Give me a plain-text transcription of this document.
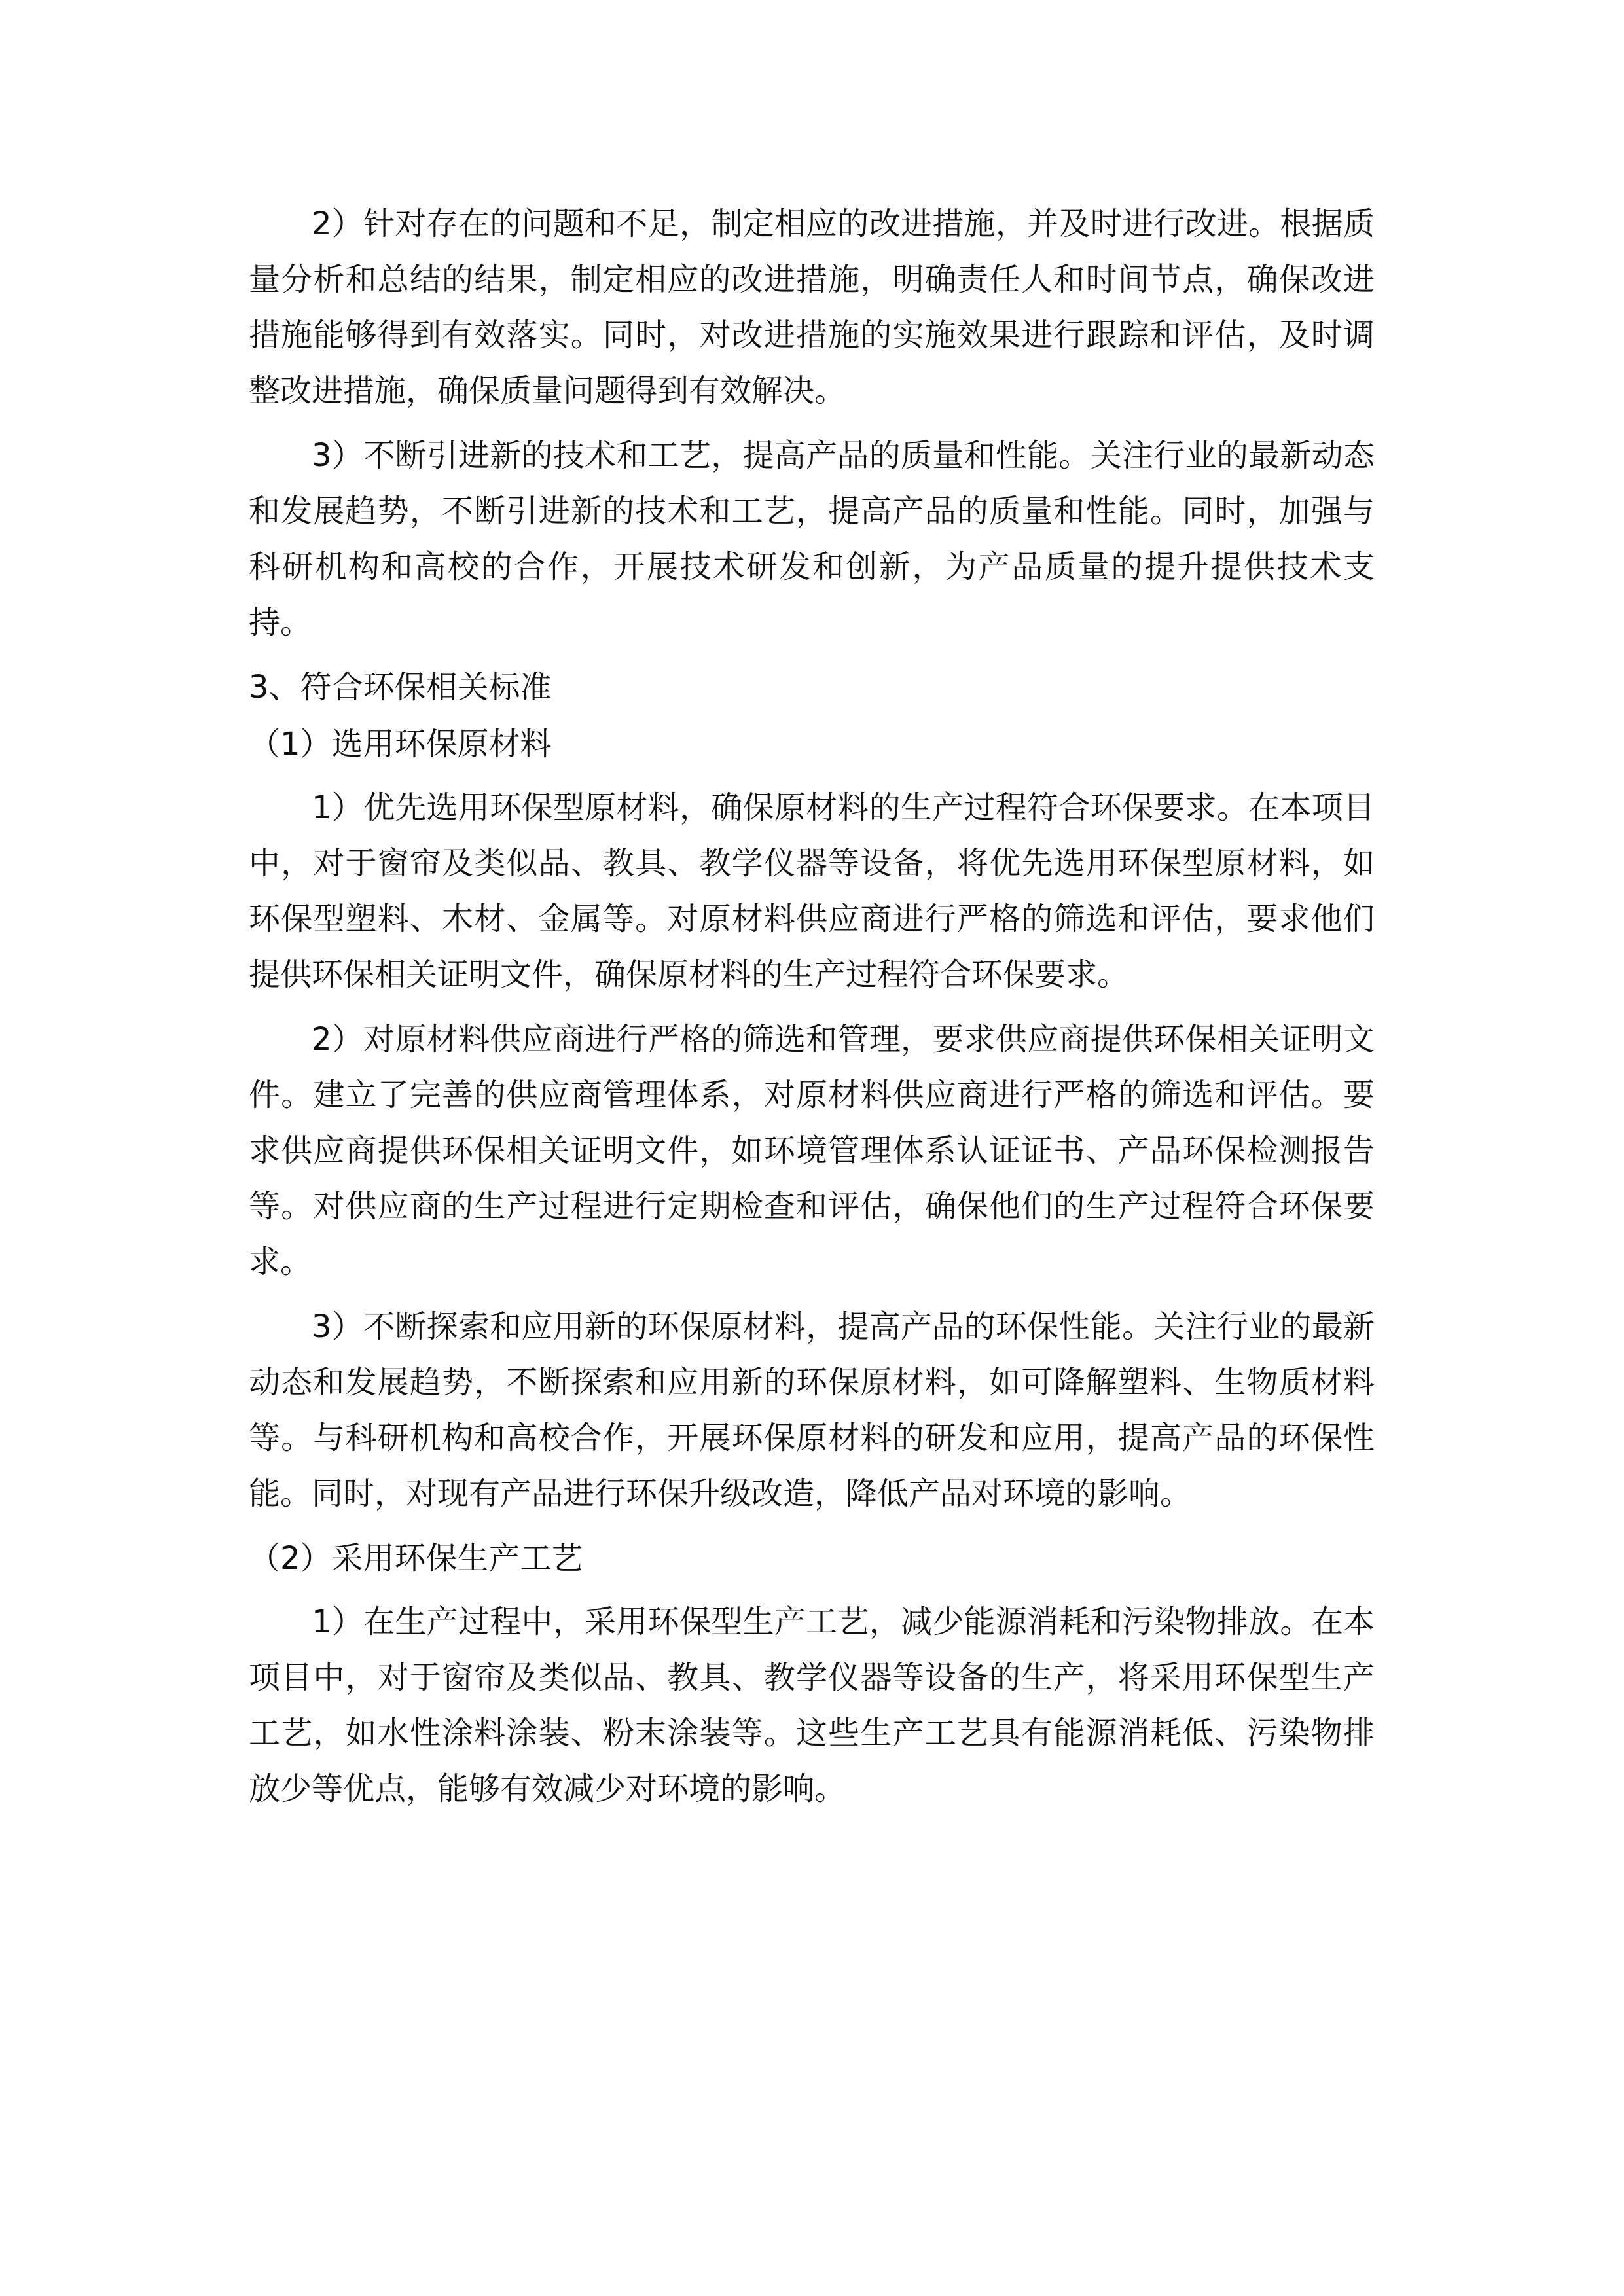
2）针对存在的问题和不足，制定相应的改进措施，并及时进行改进。根据质量分析和总结的结果，制定相应的改进措施，明确责任人和时间节点，确保改进措施能够得到有效落实。同时，对改进措施的实施效果进行跟踪和评估，及时调整改进措施，确保质量问题得到有效解决。

3）不断引进新的技术和工艺，提高产品的质量和性能。关注行业的最新动态和发展趋势，不断引进新的技术和工艺，提高产品的质量和性能。同时，加强与科研机构和高校的合作，开展技术研发和创新，为产品质量的提升提供技术支持。

3、符合环保相关标准

（1）选用环保原材料

1）优先选用环保型原材料，确保原材料的生产过程符合环保要求。在本项目中，对于窗帘及类似品、教具、教学仪器等设备，将优先选用环保型原材料，如环保型塑料、木材、金属等。对原材料供应商进行严格的筛选和评估，要求他们提供环保相关证明文件，确保原材料的生产过程符合环保要求。

2）对原材料供应商进行严格的筛选和管理，要求供应商提供环保相关证明文件。建立了完善的供应商管理体系，对原材料供应商进行严格的筛选和评估。要求供应商提供环保相关证明文件，如环境管理体系认证证书、产品环保检测报告等。对供应商的生产过程进行定期检查和评估，确保他们的生产过程符合环保要求。

3）不断探索和应用新的环保原材料，提高产品的环保性能。关注行业的最新动态和发展趋势，不断探索和应用新的环保原材料，如可降解塑料、生物质材料等。与科研机构和高校合作，开展环保原材料的研发和应用，提高产品的环保性能。同时，对现有产品进行环保升级改造，降低产品对环境的影响。

（2）采用环保生产工艺

1）在生产过程中，采用环保型生产工艺，减少能源消耗和污染物排放。在本项目中，对于窗帘及类似品、教具、教学仪器等设备的生产，将采用环保型生产工艺，如水性涂料涂装、粉末涂装等。这些生产工艺具有能源消耗低、污染物排放少等优点，能够有效减少对环境的影响。
